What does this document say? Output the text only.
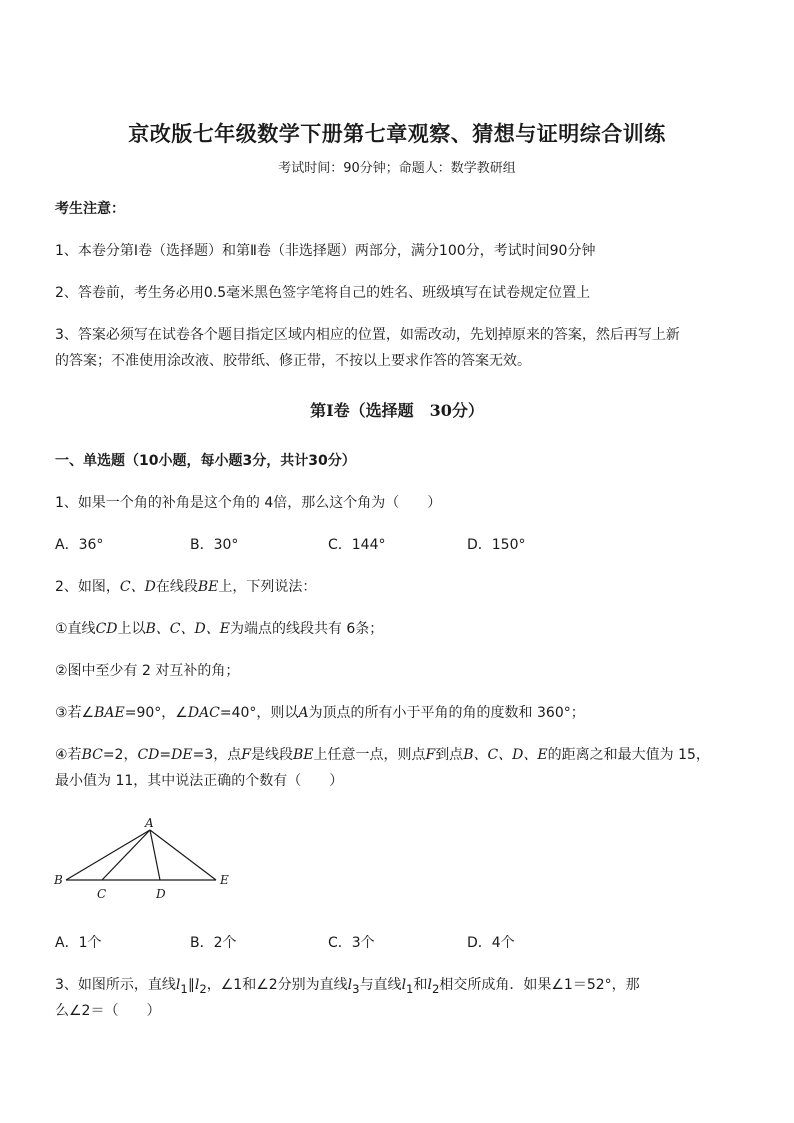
京改版七年级数学下册第七章观察、猜想与证明综合训练
考试时间：90分钟；命题人：数学教研组
考生注意：
1、本卷分第Ⅰ卷（选择题）和第Ⅱ卷（非选择题）两部分，满分100分，考试时间90分钟
2、答卷前，考生务必用0.5毫米黑色签字笔将自己的姓名、班级填写在试卷规定位置上
3、答案必须写在试卷各个题目指定区域内相应的位置，如需改动，先划掉原来的答案，然后再写上新
的答案；不准使用涂改液、胶带纸、修正带，不按以上要求作答的答案无效。
第Ⅰ卷（选择题　30分）
一、单选题（10小题，每小题3分，共计30分）
1、如果一个角的补角是这个角的 4倍，那么这个角为（　　）
A．36°	B．30°	C．144°	D．150°
2、如图，C、D在线段BE上，下列说法：
①直线CD上以B、C、D、E为端点的线段共有 6条；
②图中至少有 2 对互补的角；
③若∠BAE=90°，∠DAC=40°，则以A为顶点的所有小于平角的角的度数和 360°；
④若BC=2，CD=DE=3，点F是线段BE上任意一点，则点F到点B、C、D、E的距离之和最大值为 15，
最小值为 11，其中说法正确的个数有（　　）
A
B
C	D
E
A．1个	B．2个	C．3个	D．4个
3、如图所示，直线$l_1\parallel l_2$，∠1和∠2分别为直线$l_3$与直线$l_1$和$l_2$相交所成角．如果∠1＝52°，那
么∠2＝（　　）
